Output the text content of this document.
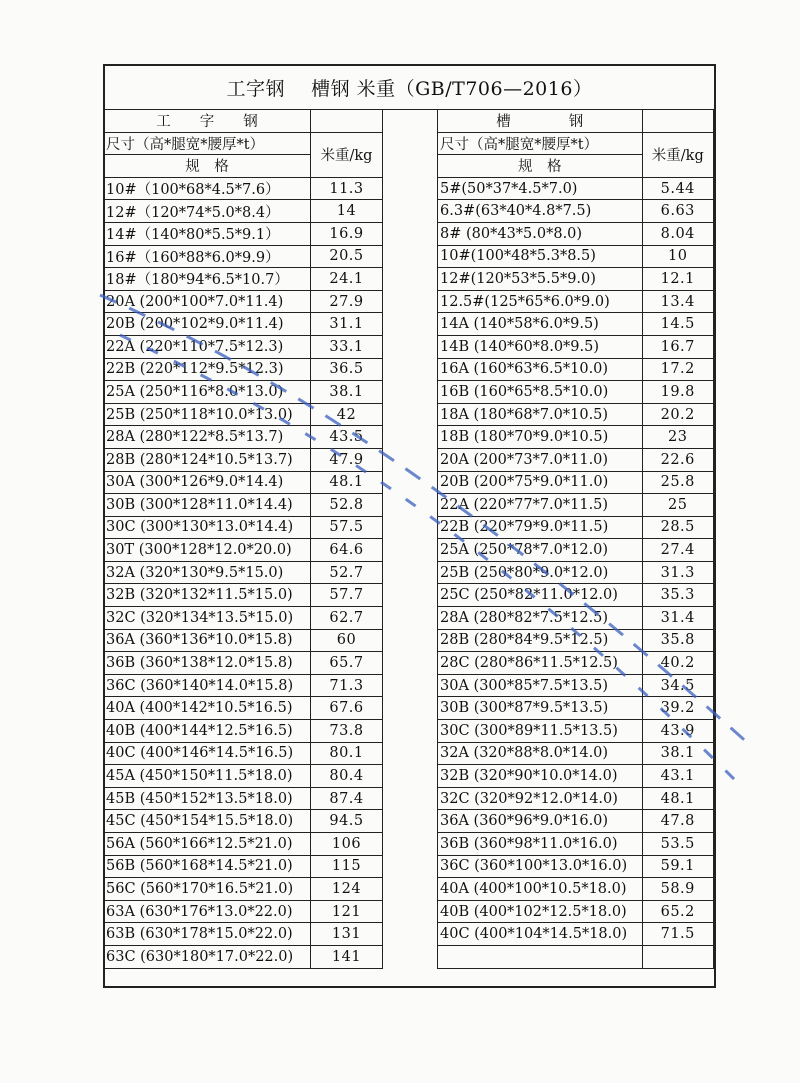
工字钢　 槽钢 米重（GB/T706—2016）
工　　字　　钢	
尺寸（高*腿宽*腰厚*t）	米重/kg
规　格	
10#（100*68*4.5*7.6）	11.3
12#（120*74*5.0*8.4）	14
14#（140*80*5.5*9.1）	16.9
16#（160*88*6.0*9.9）	20.5
18#（180*94*6.5*10.7）	24.1
20A (200*100*7.0*11.4)	27.9
20B (200*102*9.0*11.4)	31.1
22A (220*110*7.5*12.3)	33.1
22B (220*112*9.5*12.3)	36.5
25A (250*116*8.0*13.0)	38.1
25B (250*118*10.0*13.0)	42
28A (280*122*8.5*13.7)	43.5
28B (280*124*10.5*13.7)	47.9
30A (300*126*9.0*14.4)	48.1
30B (300*128*11.0*14.4)	52.8
30C (300*130*13.0*14.4)	57.5
30T (300*128*12.0*20.0)	64.6
32A (320*130*9.5*15.0)	52.7
32B (320*132*11.5*15.0)	57.7
32C (320*134*13.5*15.0)	62.7
36A (360*136*10.0*15.8)	60
36B (360*138*12.0*15.8)	65.7
36C (360*140*14.0*15.8)	71.3
40A (400*142*10.5*16.5)	67.6
40B (400*144*12.5*16.5)	73.8
40C (400*146*14.5*16.5)	80.1
45A (450*150*11.5*18.0)	80.4
45B (450*152*13.5*18.0)	87.4
45C (450*154*15.5*18.0)	94.5
56A (560*166*12.5*21.0)	106
56B (560*168*14.5*21.0)	115
56C (560*170*16.5*21.0)	124
63A (630*176*13.0*22.0)	121
63B (630*178*15.0*22.0)	131
63C (630*180*17.0*22.0)	141
槽　　　　钢	
尺寸（高*腿宽*腰厚*t）	米重/kg
规　格	
5#(50*37*4.5*7.0)	5.44
6.3#(63*40*4.8*7.5)	6.63
8# (80*43*5.0*8.0)	8.04
10#(100*48*5.3*8.5)	10
12#(120*53*5.5*9.0)	12.1
12.5#(125*65*6.0*9.0)	13.4
14A (140*58*6.0*9.5)	14.5
14B (140*60*8.0*9.5)	16.7
16A (160*63*6.5*10.0)	17.2
16B (160*65*8.5*10.0)	19.8
18A (180*68*7.0*10.5)	20.2
18B (180*70*9.0*10.5)	23
20A (200*73*7.0*11.0)	22.6
20B (200*75*9.0*11.0)	25.8
22A (220*77*7.0*11.5)	25
22B (220*79*9.0*11.5)	28.5
25A (250*78*7.0*12.0)	27.4
25B (250*80*9.0*12.0)	31.3
25C (250*82*11.0*12.0)	35.3
28A (280*82*7.5*12.5)	31.4
28B (280*84*9.5*12.5)	35.8
28C (280*86*11.5*12.5)	40.2
30A (300*85*7.5*13.5)	34.5
30B (300*87*9.5*13.5)	39.2
30C (300*89*11.5*13.5)	43.9
32A (320*88*8.0*14.0)	38.1
32B (320*90*10.0*14.0)	43.1
32C (320*92*12.0*14.0)	48.1
36A (360*96*9.0*16.0)	47.8
36B (360*98*11.0*16.0)	53.5
36C (360*100*13.0*16.0)	59.1
40A (400*100*10.5*18.0)	58.9
40B (400*102*12.5*18.0)	65.2
40C (400*104*14.5*18.0)	71.5
